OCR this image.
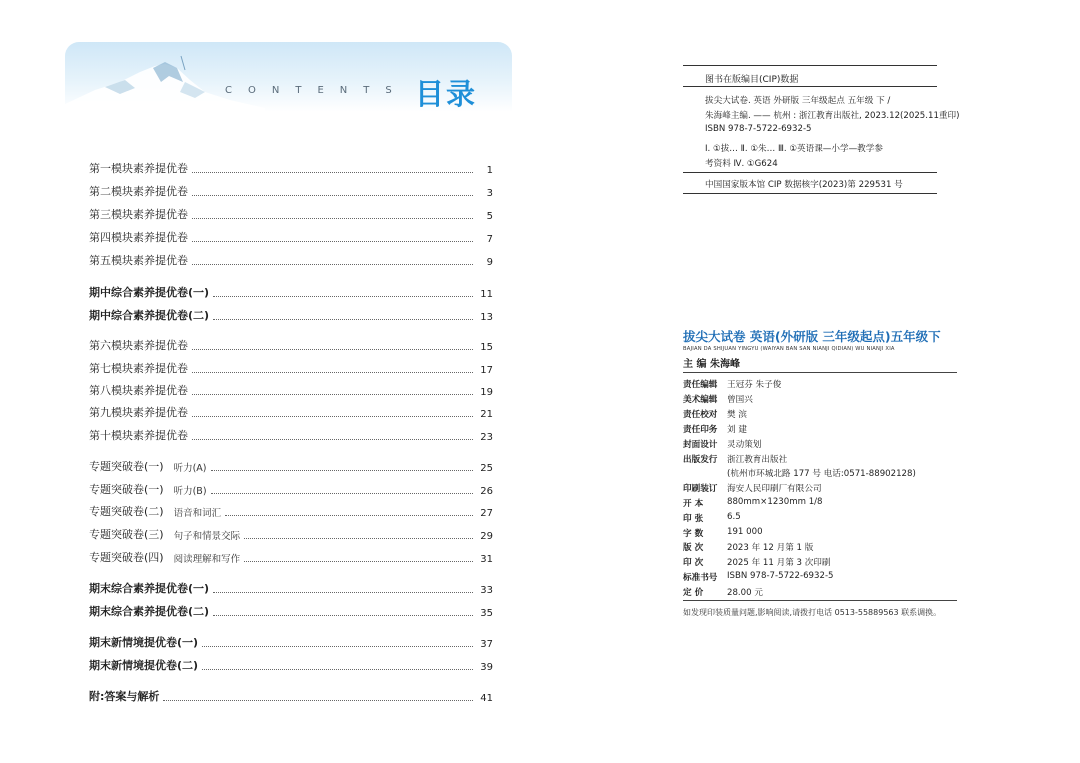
CONTENTS 目录
第一模块素养提优卷	1
第二模块素养提优卷	3
第三模块素养提优卷	5
第四模块素养提优卷	7
第五模块素养提优卷	9
期中综合素养提优卷(一)	11
期中综合素养提优卷(二)	13
第六模块素养提优卷	15
第七模块素养提优卷	17
第八模块素养提优卷	19
第九模块素养提优卷	21
第十模块素养提优卷	23
专题突破卷(一) 听力(A)	25
专题突破卷(一) 听力(B)	26
专题突破卷(二) 语音和词汇	27
专题突破卷(三) 句子和情景交际	29
专题突破卷(四) 阅读理解和写作	31
期末综合素养提优卷(一)	33
期末综合素养提优卷(二)	35
期末新情境提优卷(一)	37
期末新情境提优卷(二)	39
附:答案与解析	41
图书在版编目(CIP)数据
拔尖大试卷. 英语 外研版 三年级起点 五年级 下 /
朱海峰主编. —— 杭州 : 浙江教育出版社, 2023.12(2025.11重印)
ISBN 978-7-5722-6932-5
Ⅰ. ①拔… Ⅱ. ①朱… Ⅲ. ①英语课—小学—教学参
考资料 Ⅳ. ①G624
中国国家版本馆 CIP 数据核字(2023)第 229531 号
拔尖大试卷 英语(外研版 三年级起点)五年级下
BAJIAN DA SHIJUAN YINGYU (WAIYAN BAN SAN NIANJI QIDIAN) WU NIANJI XIA
主 编 朱海峰
责任编辑	王冠芬 朱子俊
美术编辑	曾国兴
责任校对	樊 滨
责任印务	刘 建
封面设计	灵动策划
出版发行	浙江教育出版社
(杭州市环城北路 177 号 电话:0571-88902128)
印刷装订	海安人民印刷厂有限公司
开 本	880mm×1230mm 1/8
印 张	6.5
字 数	191 000
版 次	2023 年 12 月第 1 版
印 次	2025 年 11 月第 3 次印刷
标准书号	ISBN 978-7-5722-6932-5
定 价	28.00 元
如发现印装质量问题,影响阅读,请拨打电话 0513-55889563 联系调换。
